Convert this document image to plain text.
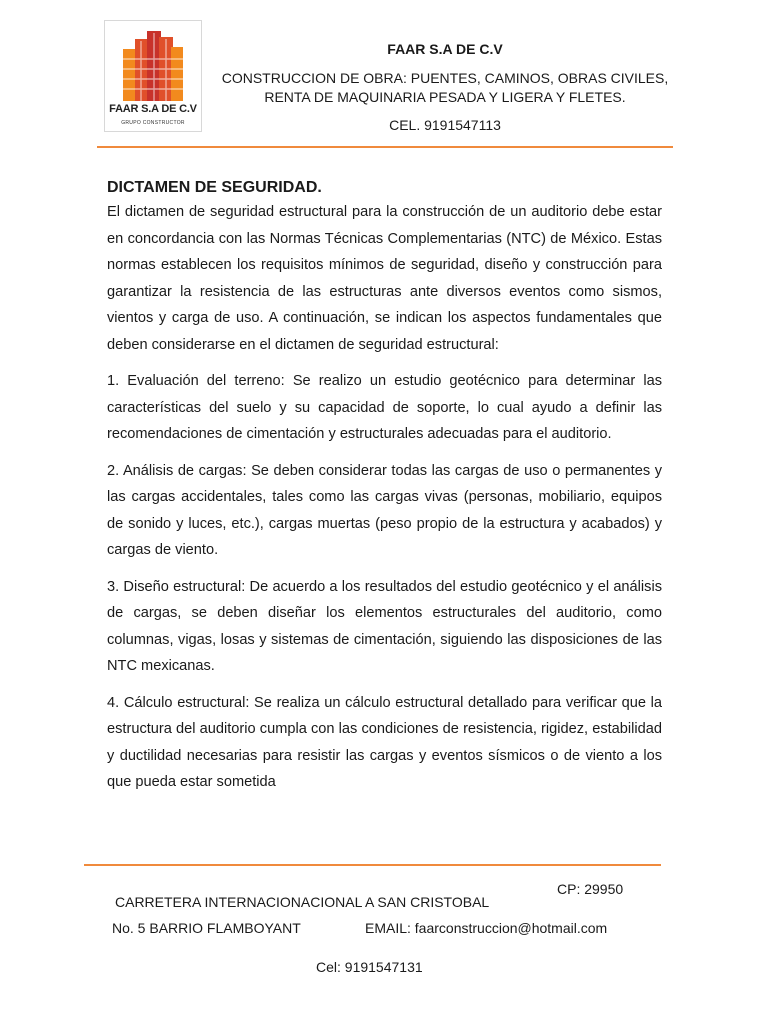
FAAR S.A DE C.V
GRUPO CONSTRUCTOR
FAAR S.A DE C.V
CONSTRUCCION DE OBRA: PUENTES, CAMINOS, OBRAS CIVILES, RENTA DE MAQUINARIA PESADA Y LIGERA Y FLETES.
CEL. 9191547113
DICTAMEN DE SEGURIDAD.

El dictamen de seguridad estructural para la construcción de un auditorio debe estar en concordancia con las Normas Técnicas Complementarias (NTC) de México. Estas normas establecen los requisitos mínimos de seguridad, diseño y construcción para garantizar la resistencia de las estructuras ante diversos eventos como sismos, vientos y carga de uso. A continuación, se indican los aspectos fundamentales que deben considerarse en el dictamen de seguridad estructural:

1. Evaluación del terreno: Se realizo un estudio geotécnico para determinar las características del suelo y su capacidad de soporte, lo cual ayudo a definir las recomendaciones de cimentación y estructurales adecuadas para el auditorio.

2. Análisis de cargas: Se deben considerar todas las cargas de uso o permanentes y las cargas accidentales, tales como las cargas vivas (personas, mobiliario, equipos de sonido y luces, etc.), cargas muertas (peso propio de la estructura y acabados) y cargas de viento.

3. Diseño estructural: De acuerdo a los resultados del estudio geotécnico y el análisis de cargas, se deben diseñar los elementos estructurales del auditorio, como columnas, vigas, losas y sistemas de cimentación, siguiendo las disposiciones de las NTC mexicanas.

4. Cálculo estructural: Se realiza un cálculo estructural detallado para verificar que la estructura del auditorio cumpla con las condiciones de resistencia, rigidez, estabilidad y ductilidad necesarias para resistir las cargas y eventos sísmicos o de viento a los que pueda estar sometida

CP: 29950
CARRETERA INTERNACIONACIONAL A SAN CRISTOBAL
No. 5 BARRIO FLAMBOYANT	EMAIL: faarconstruccion@hotmail.com
Cel: 9191547131
